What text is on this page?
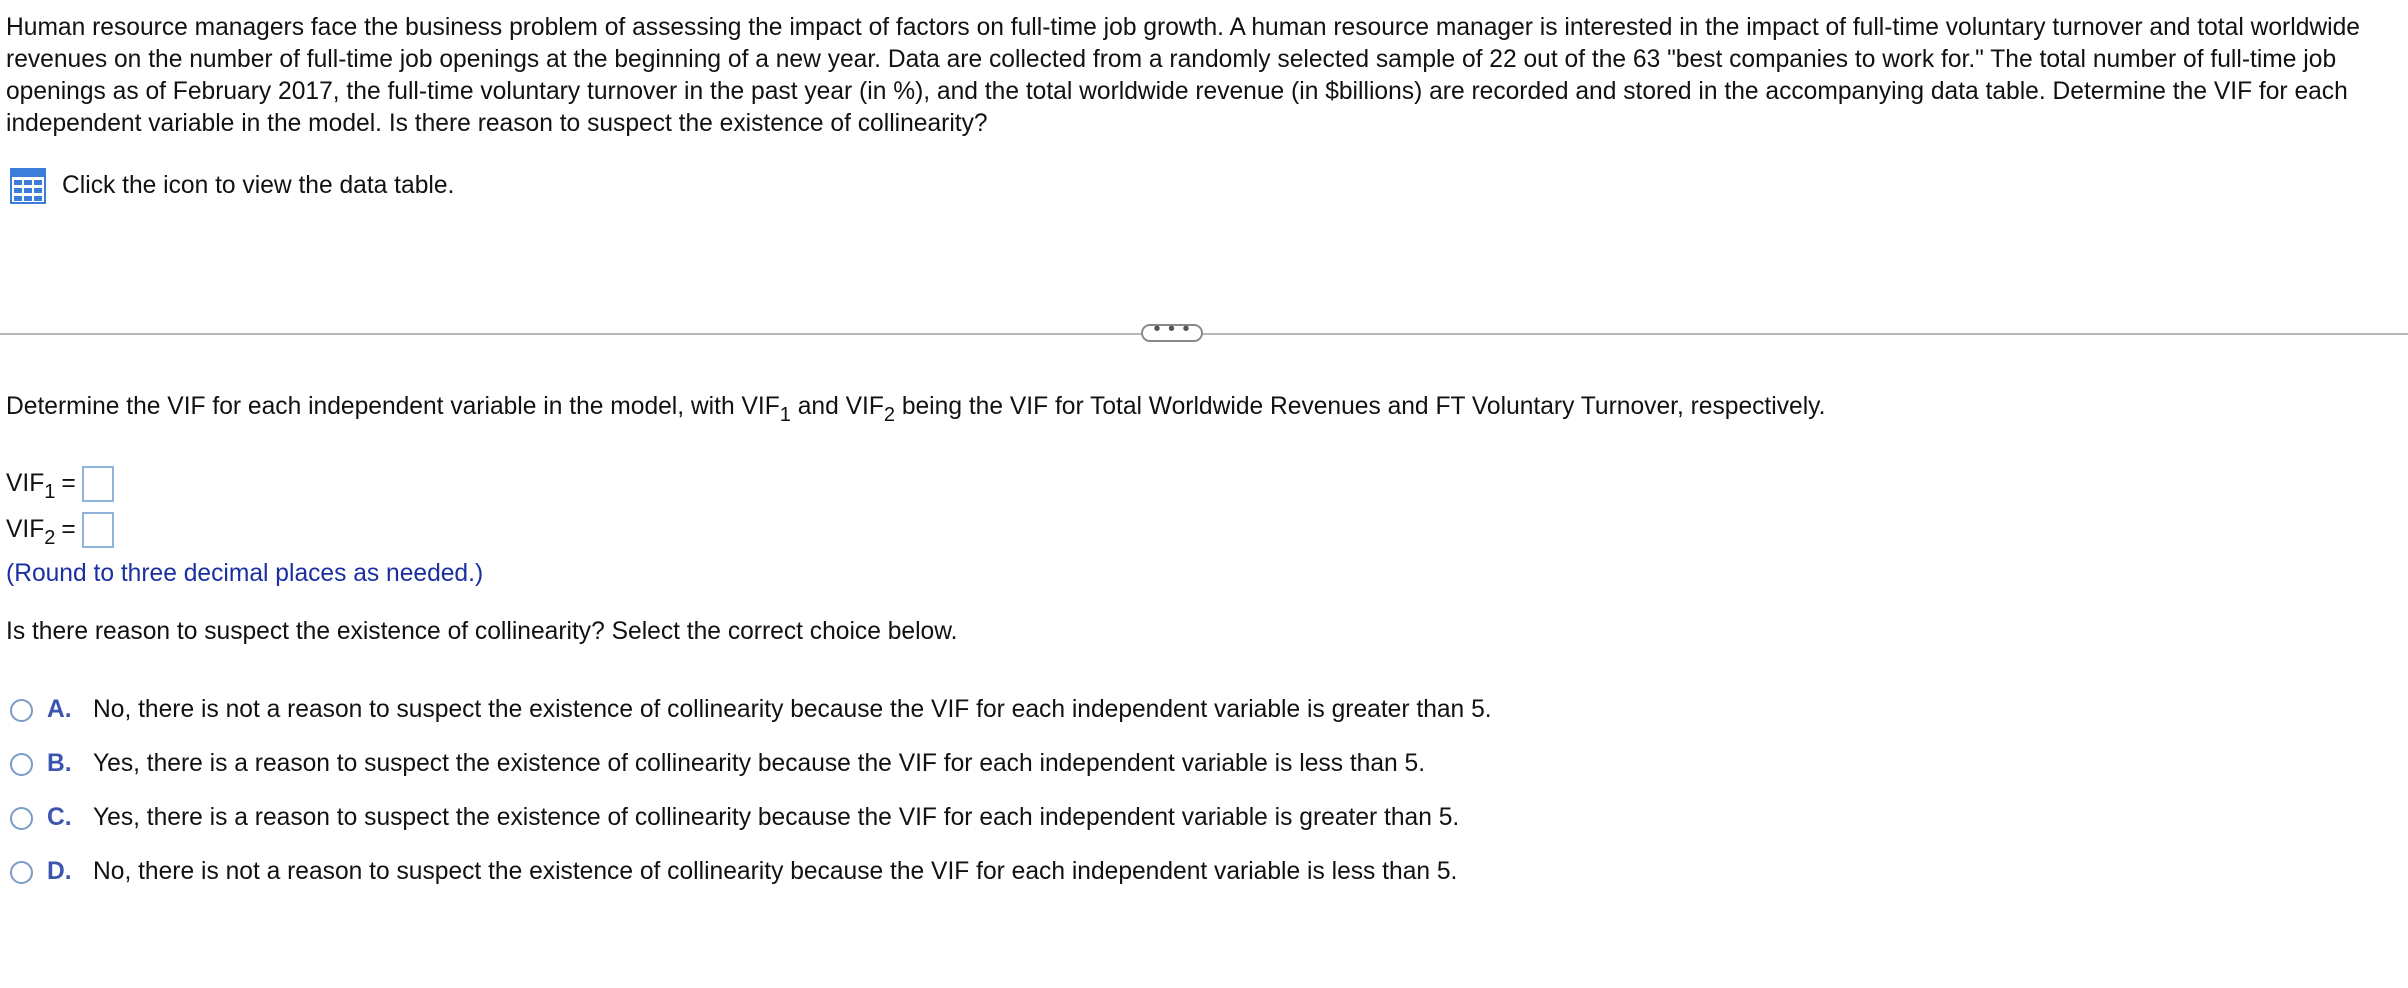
Human resource managers face the business problem of assessing the impact of factors on full-time job growth. A human resource manager is interested in the impact of full-time voluntary turnover and total worldwide revenues on the number of full-time job openings at the beginning of a new year. Data are collected from a randomly selected sample of 22 out of the 63 "best companies to work for." The total number of full-time job openings as of February 2017, the full-time voluntary turnover in the past year (in %), and the total worldwide revenue (in $billions) are recorded and stored in the accompanying data table. Determine the VIF for each independent variable in the model. Is there reason to suspect the existence of collinearity?

Click the icon to view the data table.
• • •

Determine the VIF for each independent variable in the model, with $VIF_1$ and $VIF_2$ being the VIF for Total Worldwide Revenues and FT Voluntary Turnover, respectively.

$VIF_1$ =
$VIF_2$ =
(Round to three decimal places as needed.)
Is there reason to suspect the existence of collinearity? Select the correct choice below.
A. No, there is not a reason to suspect the existence of collinearity because the VIF for each independent variable is greater than 5.
B. Yes, there is a reason to suspect the existence of collinearity because the VIF for each independent variable is less than 5.
C. Yes, there is a reason to suspect the existence of collinearity because the VIF for each independent variable is greater than 5.
D. No, there is not a reason to suspect the existence of collinearity because the VIF for each independent variable is less than 5.
